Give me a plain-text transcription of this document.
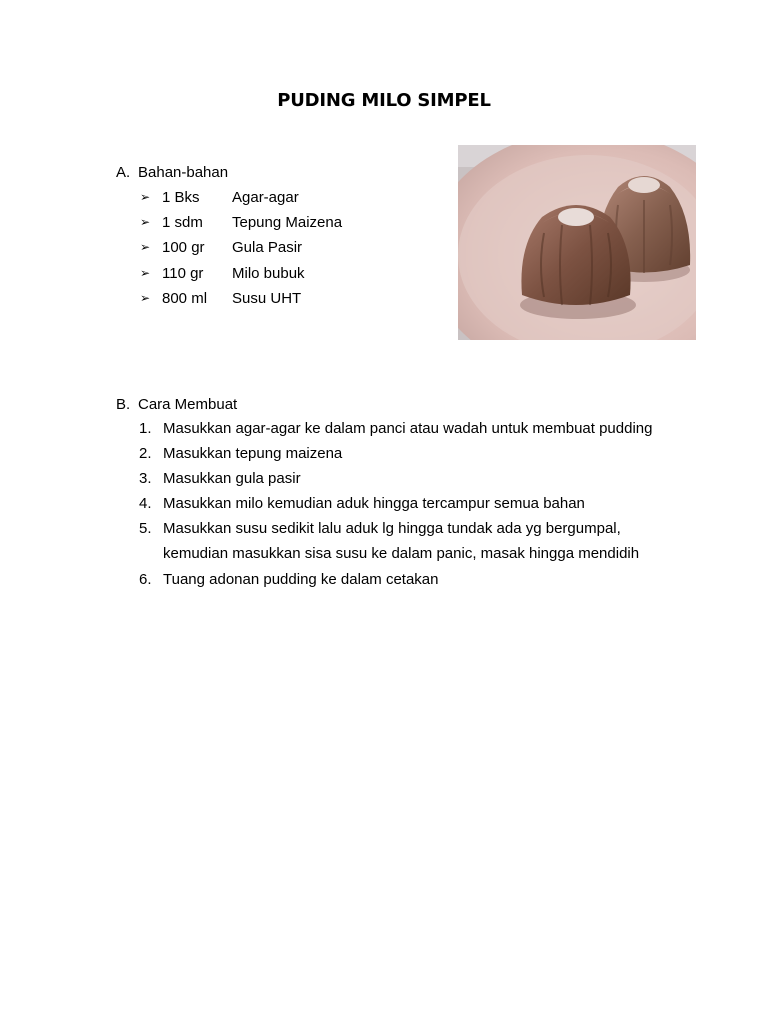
PUDING MILO SIMPEL
A. Bahan-bahan
➢ 1 Bks Agar-agar
➢ 1 sdm Tepung Maizena
➢ 100 gr Gula Pasir
➢ 110 gr Milo bubuk
➢ 800 ml Susu UHT
B. Cara Membuat
1. Masukkan agar-agar ke dalam panci atau wadah untuk membuat pudding
2. Masukkan tepung maizena
3. Masukkan gula pasir
4. Masukkan milo kemudian aduk hingga tercampur semua bahan
5. Masukkan susu sedikit lalu aduk lg hingga tundak ada yg bergumpal, kemudian masukkan sisa susu ke dalam panic, masak hingga mendidih
6. Tuang adonan pudding ke dalam cetakan
